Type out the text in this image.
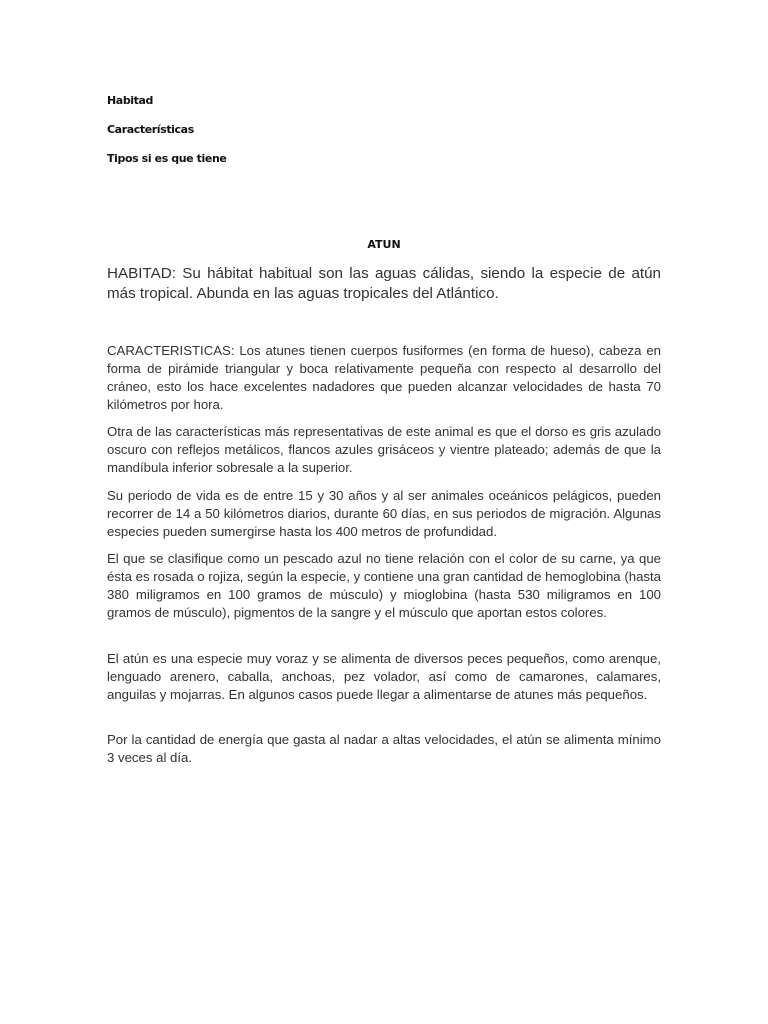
Habitad

Características

Tipos si es que tiene

ATUN

HABITAD: Su hábitat habitual son las aguas cálidas, siendo la especie de atún más tropical. Abunda en las aguas tropicales del Atlántico.

CARACTERISTICAS: Los atunes tienen cuerpos fusiformes (en forma de hueso), cabeza en forma de pirámide triangular y boca relativamente pequeña con respecto al desarrollo del cráneo, esto los hace excelentes nadadores que pueden alcanzar velocidades de hasta 70 kilómetros por hora.

Otra de las características más representativas de este animal es que el dorso es gris azulado oscuro con reflejos metálicos, flancos azules grisáceos y vientre plateado; además de que la mandíbula inferior sobresale a la superior.

Su periodo de vida es de entre 15 y 30 años y al ser animales oceánicos pelágicos, pueden recorrer de 14 a 50 kilómetros diarios, durante 60 días, en sus periodos de migración. Algunas especies pueden sumergirse hasta los 400 metros de profundidad.

El que se clasifique como un pescado azul no tiene relación con el color de su carne, ya que ésta es rosada o rojiza, según la especie, y contiene una gran cantidad de hemoglobina (hasta 380 miligramos en 100 gramos de músculo) y mioglobina (hasta 530 miligramos en 100 gramos de músculo), pigmentos de la sangre y el músculo que aportan estos colores.

El atún es una especie muy voraz y se alimenta de diversos peces pequeños, como arenque, lenguado arenero, caballa, anchoas, pez volador, así como de camarones, calamares, anguilas y mojarras. En algunos casos puede llegar a alimentarse de atunes más pequeños.

Por la cantidad de energía que gasta al nadar a altas velocidades, el atún se alimenta mínimo 3 veces al día.
